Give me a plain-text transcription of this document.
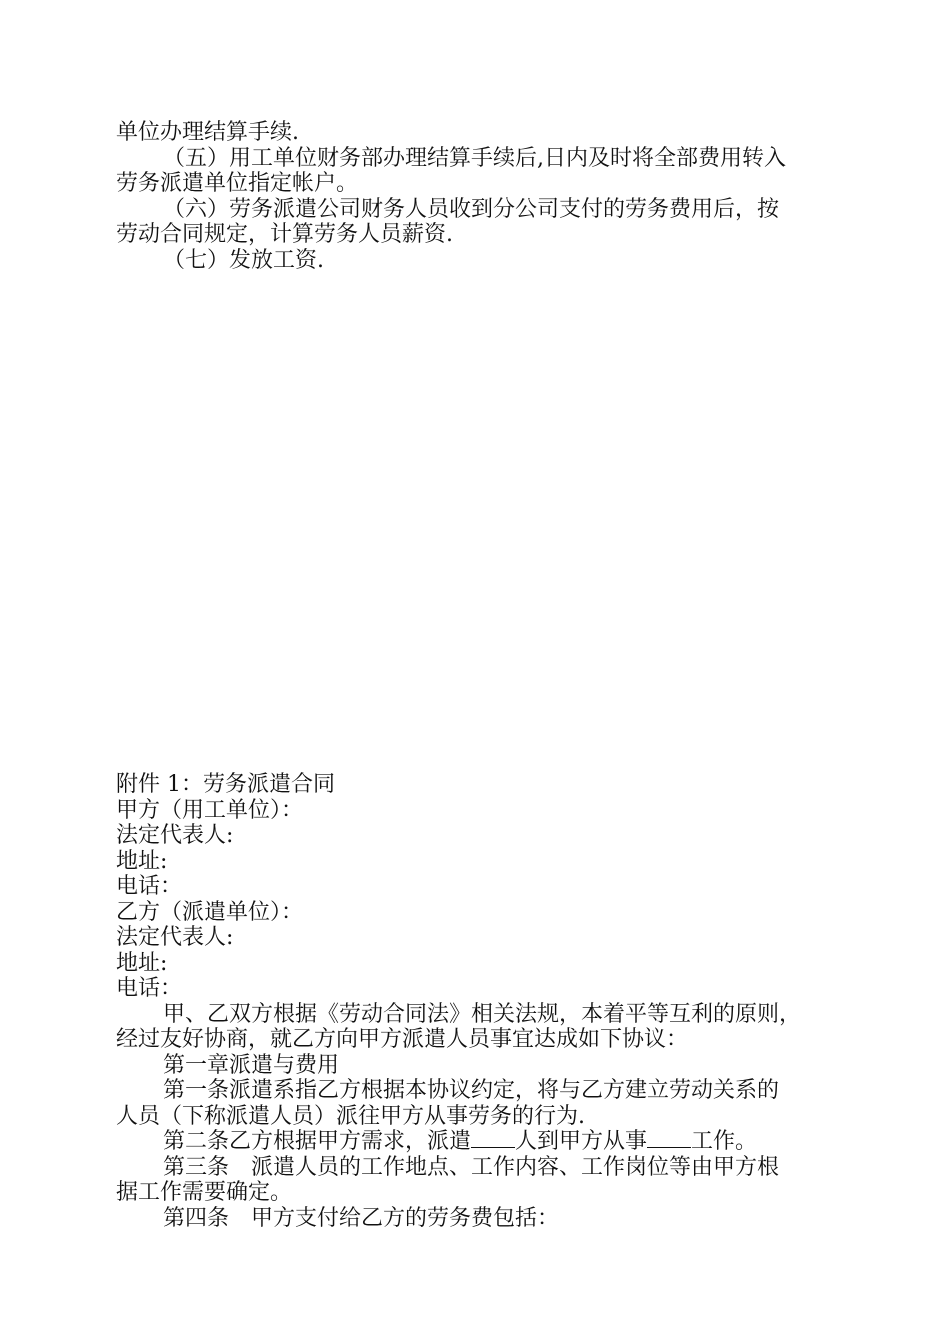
单位办理结算手续.
（五）用工单位财务部办理结算手续后,日内及时将全部费用转入
劳务派遣单位指定帐户。
（六）劳务派遣公司财务人员收到分公司支付的劳务费用后，按
劳动合同规定，计算劳务人员薪资.
（七）发放工资.
附件 1：劳务派遣合同
甲方（用工单位）：
法定代表人:
地址:
电话：
乙方（派遣单位）：
法定代表人:
地址:
电话：
甲、乙双方根据《劳动合同法》相关法规，本着平等互利的原则，
经过友好协商，就乙方向甲方派遣人员事宜达成如下协议：
第一章派遣与费用
第一条派遣系指乙方根据本协议约定，将与乙方建立劳动关系的
人员（下称派遣人员）派往甲方从事劳务的行为.
第二条乙方根据甲方需求，派遣 人到甲方从事 工作。
第三条　派遣人员的工作地点、工作内容、工作岗位等由甲方根
据工作需要确定。
第四条　甲方支付给乙方的劳务费包括：
